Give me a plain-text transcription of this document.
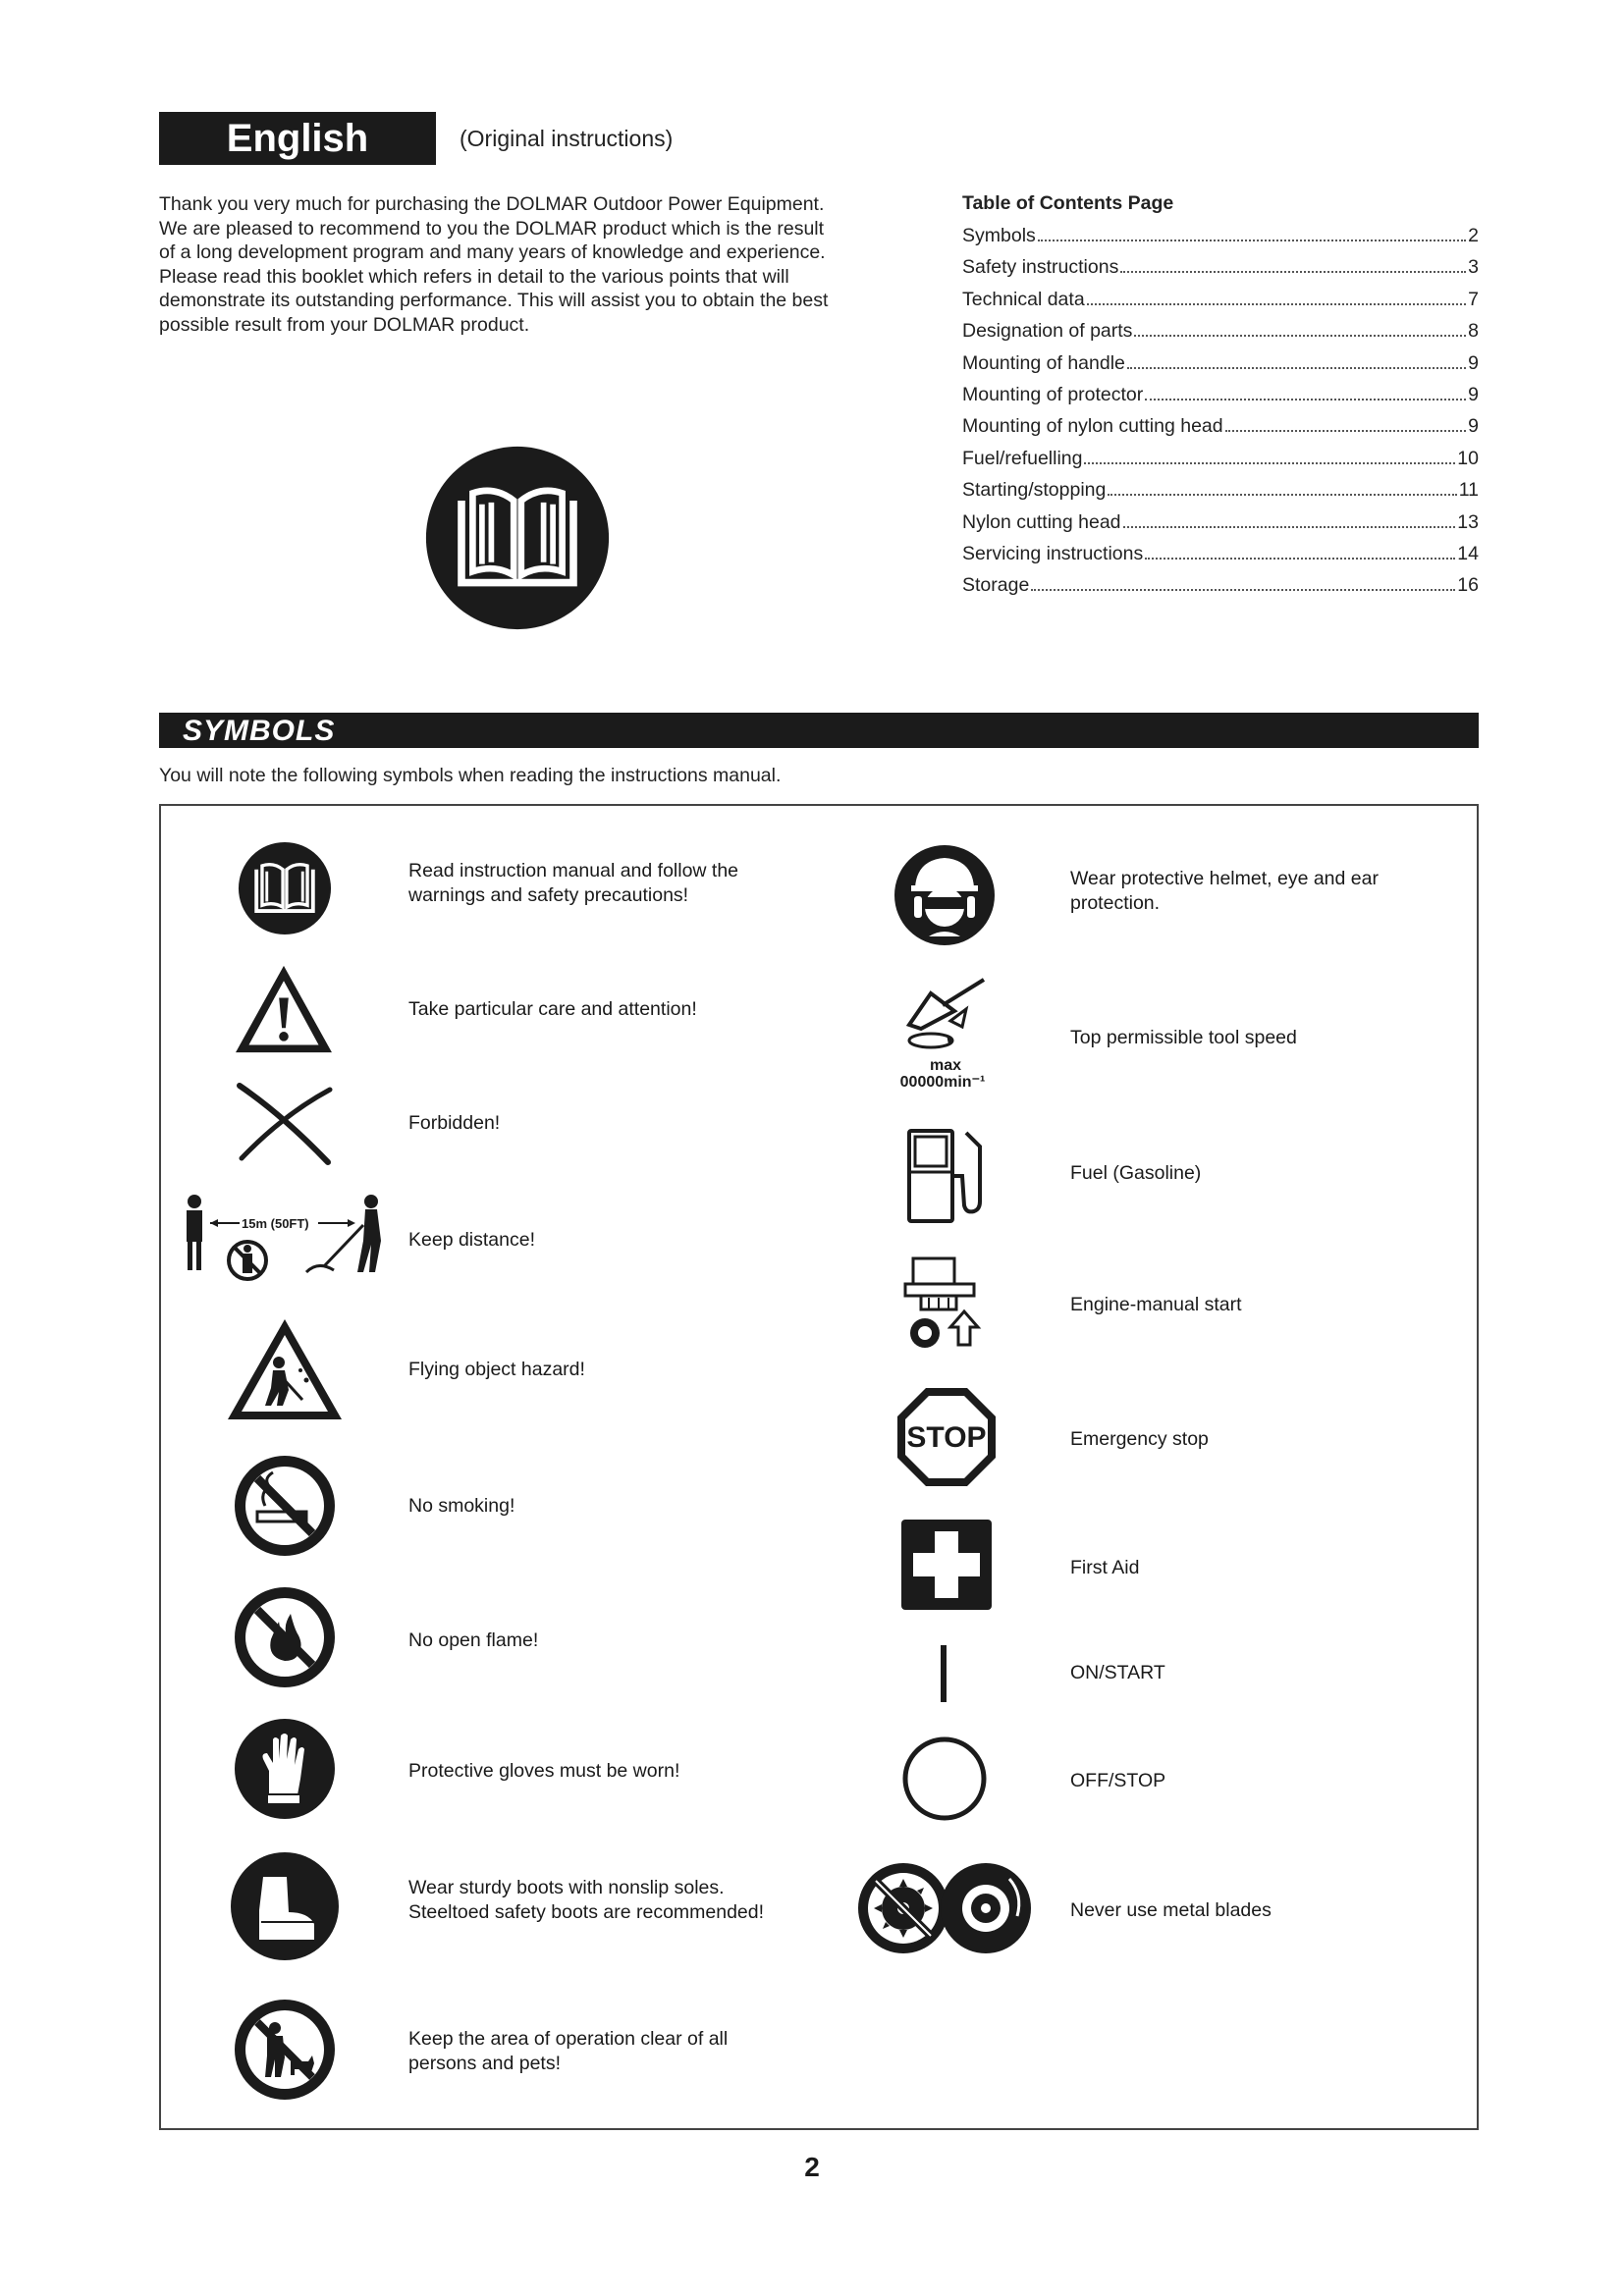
English	(Original instructions)

Thank you very much for purchasing the DOLMAR Outdoor Power Equipment.

We are pleased to recommend to you the DOLMAR product which is the result

of a long development program and many years of knowledge and experience.

Please read this booklet which refers in detail to the various points that will

demonstrate its outstanding performance. This will assist you to obtain the best

possible result from your DOLMAR product.

Table of Contents Page
Symbols	2
Safety instructions	3
Technical data	7
Designation of parts	8
Mounting of handle	9
Mounting of protector	9
Mounting of nylon cutting head	9
Fuel/refuelling	10
Starting/stopping	11
Nylon cutting head	13
Servicing instructions	14
Storage	16
SYMBOLS
You will note the following symbols when reading the instructions manual.
15m (50FT)
max
00000min⁻¹
STOP
Read instruction manual and follow the
warnings and safety precautions!
Take particular care and attention!
Forbidden!
Keep distance!
Flying object hazard!
No smoking!
No open flame!
Protective gloves must be worn!
Wear sturdy boots with nonslip soles.
Steeltoed safety boots are recommended!
Keep the area of operation clear of all
persons and pets!
Wear protective helmet, eye and ear
protection.
Top permissible tool speed
Fuel (Gasoline)
Engine-manual start
Emergency stop
First Aid
ON/START
OFF/STOP
Never use metal blades
2
